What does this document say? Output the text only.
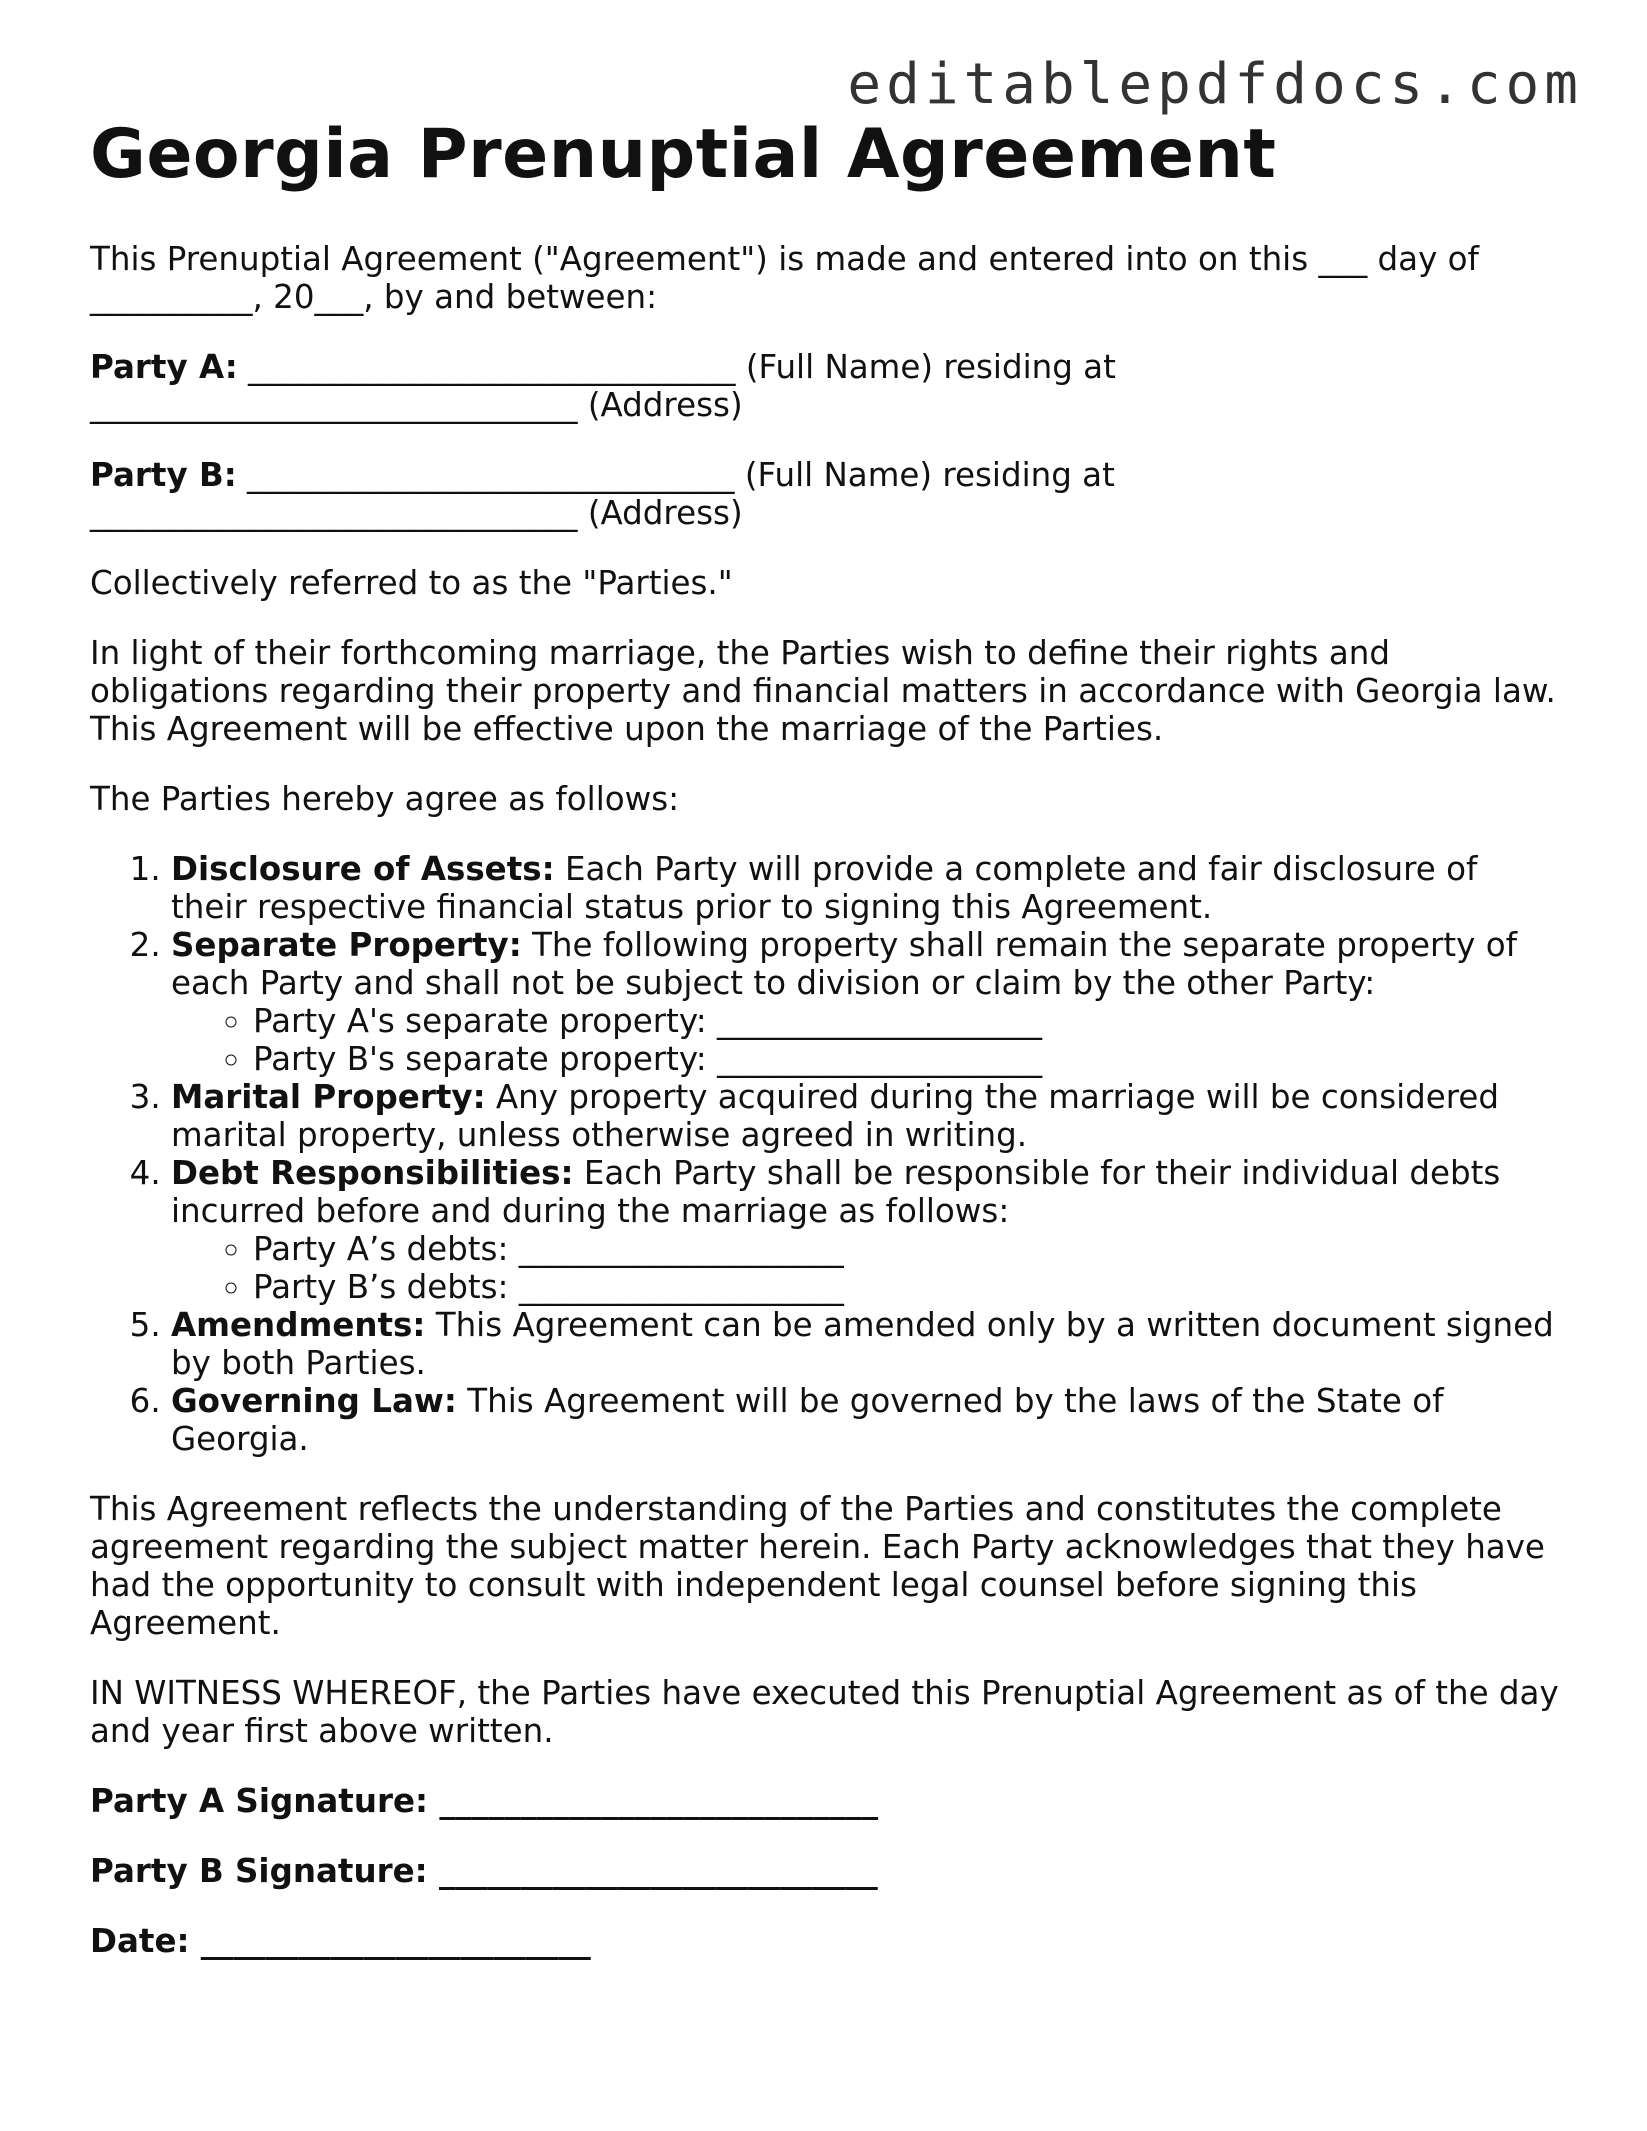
editablepdfdocs.com
Georgia Prenuptial Agreement

This Prenuptial Agreement ("Agreement") is made and entered into on this ___ day of __________, 20___, by and between:

Party A: ______________________________ (Full Name) residing at ______________________________ (Address)

Party B: ______________________________ (Full Name) residing at ______________________________ (Address)

Collectively referred to as the "Parties."

In light of their forthcoming marriage, the Parties wish to define their rights and obligations regarding their property and financial matters in accordance with Georgia law. This Agreement will be effective upon the marriage of the Parties.

The Parties hereby agree as follows:

1. Disclosure of Assets: Each Party will provide a complete and fair disclosure of their respective financial status prior to signing this Agreement.
2. Separate Property: The following property shall remain the separate property of each Party and shall not be subject to division or claim by the other Party:
◦ Party A's separate property: ____________________
◦ Party B's separate property: ____________________
3. Marital Property: Any property acquired during the marriage will be considered marital property, unless otherwise agreed in writing.
4. Debt Responsibilities: Each Party shall be responsible for their individual debts incurred before and during the marriage as follows:
◦ Party A’s debts: ____________________
◦ Party B’s debts: ____________________
5. Amendments: This Agreement can be amended only by a written document signed by both Parties.
6. Governing Law: This Agreement will be governed by the laws of the State of Georgia.

This Agreement reflects the understanding of the Parties and constitutes the complete agreement regarding the subject matter herein. Each Party acknowledges that they have had the opportunity to consult with independent legal counsel before signing this Agreement.

IN WITNESS WHEREOF, the Parties have executed this Prenuptial Agreement as of the day and year first above written.

Party A Signature: ___________________________

Party B Signature: ___________________________

Date: ________________________
